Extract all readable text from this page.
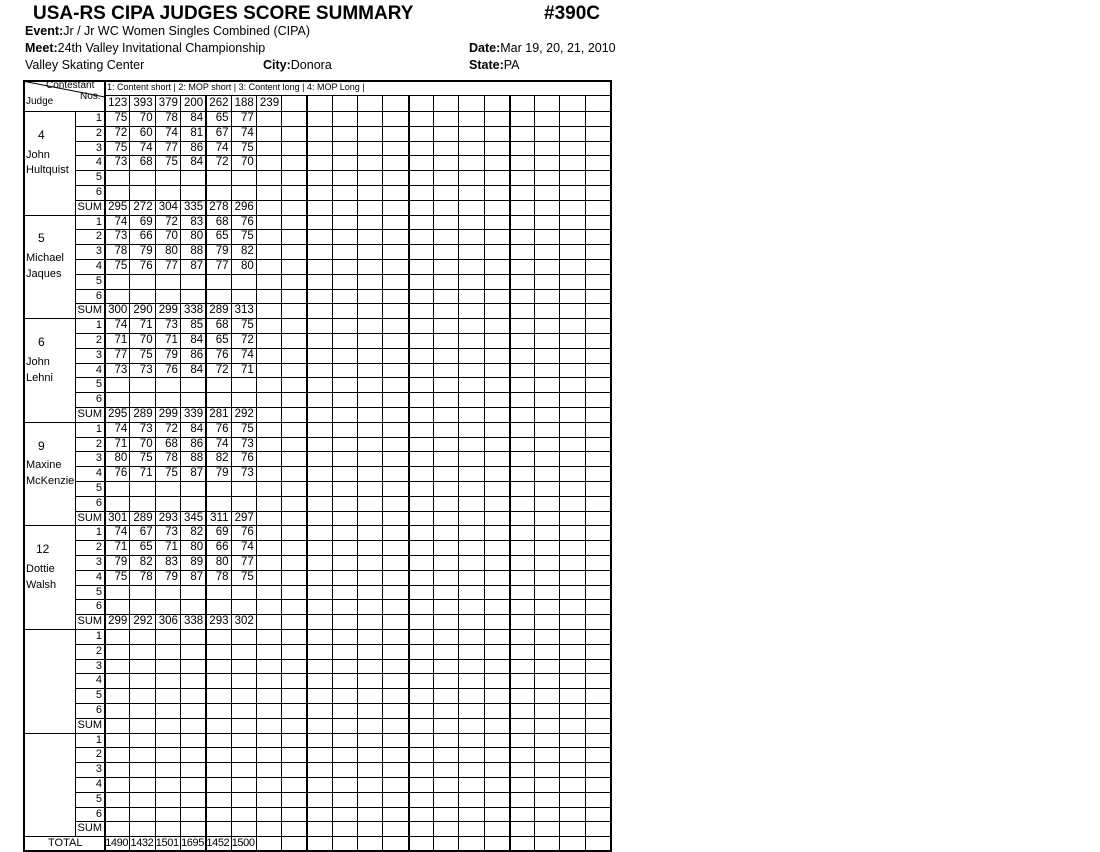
USA-RS CIPA JUDGES SCORE SUMMARY	#390C
Event:Jr / Jr WC Women Singles Combined (CIPA)
Meet:24th Valley Invitational Championship	Date:Mar 19, 20, 21, 2010
Valley Skating Center	City:Donora	State:PA
Contestant
Nos.
Judge
1: Content short | 2: MOP short | 3: Content long | 4: MOP Long |
123 393 379 200 262 188 239
4
John
Hultquist
1	75	70	78	84	65	77
2	72	60	74	81	67	74
3	75	74	77	86	74	75
4	73	68	75	84	72	70
5
6
SUM 295 272 304 335 278 296
5
Michael
Jaques
1	74	69	72	83	68	76
2	73	66	70	80	65	75
3	78	79	80	88	79	82
4	75	76	77	87	77	80
5
6
SUM 300 290 299 338 289 313
6
John
Lehni
1	74	71	73	85	68	75
2	71	70	71	84	65	72
3	77	75	79	86	76	74
4	73	73	76	84	72	71
5
6
SUM 295 289 299 339 281 292
9
Maxine
McKenzie
1	74	73	72	84	76	75
2	71	70	68	86	74	73
3	80	75	78	88	82	76
4	76	71	75	87	79	73
5
6
SUM 301 289 293 345 311 297
12
Dottie
Walsh
1	74	67	73	82	69	76
2	71	65	71	80	66	74
3	79	82	83	89	80	77
4	75	78	79	87	78	75
5
6
SUM 299 292 306 338 293 302
1
2
3
4
5
6
SUM
1
2
3
4
5
6
SUM
TOTAL 1490 1432 1501 1695 1452 1500
